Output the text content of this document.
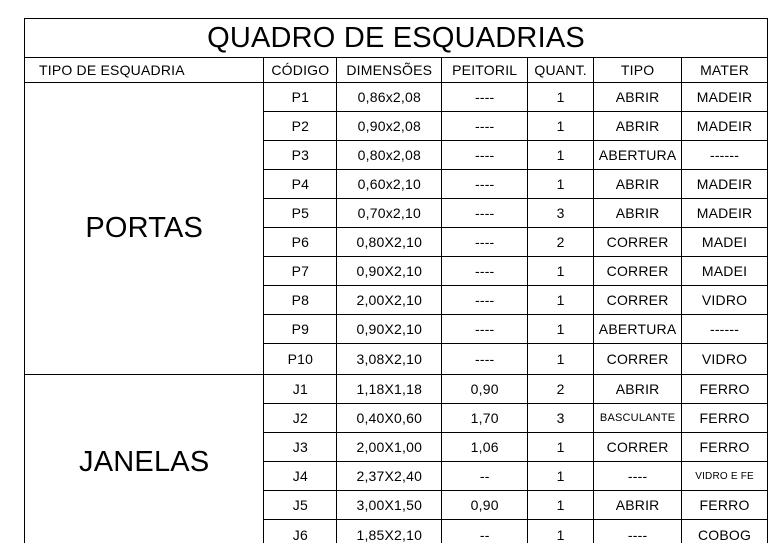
QUADRO DE ESQUADRIAS						
TIPO DE ESQUADRIA	CÓDIGO	DIMENSÕES	PEITORIL	QUANT.	TIPO	MATER
PORTAS	P1	0,86x2,08	----	1	ABRIR	MADEIR
	P2	0,90x2,08	----	1	ABRIR	MADEIR
	P3	0,80x2,08	----	1	ABERTURA	------
	P4	0,60x2,10	----	1	ABRIR	MADEIR
	P5	0,70x2,10	----	3	ABRIR	MADEIR
	P6	0,80X2,10	----	2	CORRER	MADEI
	P7	0,90X2,10	----	1	CORRER	MADEI
	P8	2,00X2,10	----	1	CORRER	VIDRO
	P9	0,90X2,10	----	1	ABERTURA	------
	P10	3,08X2,10	----	1	CORRER	VIDRO
JANELAS	J1	1,18X1,18	0,90	2	ABRIR	FERRO
	J2	0,40X0,60	1,70	3	BASCULANTE	FERRO
	J3	2,00X1,00	1,06	1	CORRER	FERRO
	J4	2,37X2,40	--	1	----	VIDRO E FE
	J5	3,00X1,50	0,90	1	ABRIR	FERRO
	J6	1,85X2,10	--	1	----	COBOG
